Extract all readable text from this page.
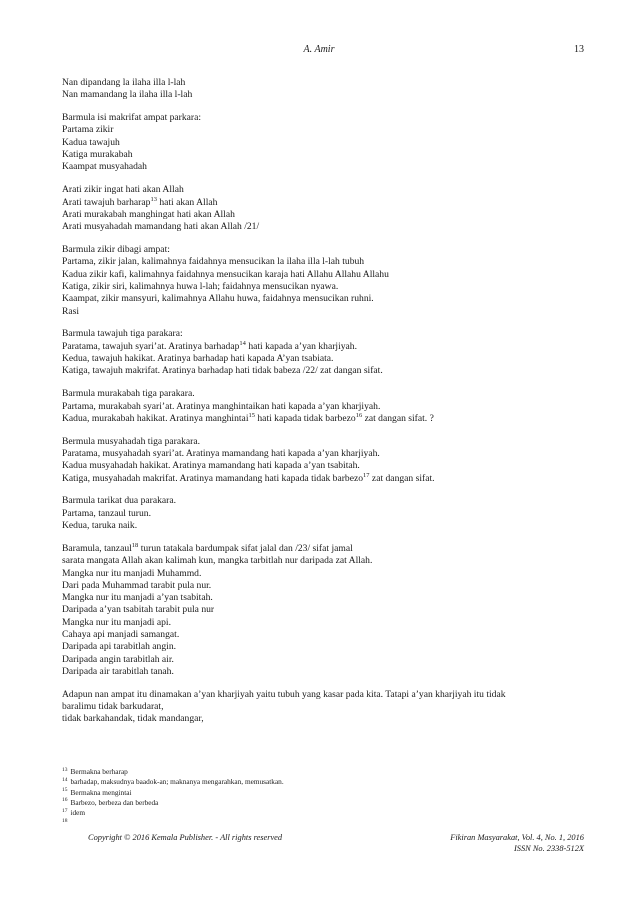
A. Amir	13
Nan dipandang la ilaha illa l-lah
Nan mamandang la ilaha illa l-lah
Barmula isi makrifat ampat parkara:
Partama zikir
Kadua tawajuh
Katiga murakabah
Kaampat musyahadah
Arati zikir ingat hati akan Allah
Arati tawajuh barharap$^{13}$ hati akan Allah
Arati murakabah manghingat hati akan Allah
Arati musyahadah mamandang hati akan Allah /21/
Barmula zikir dibagi ampat:
Partama, zikir jalan, kalimahnya faidahnya mensucikan la ilaha illa l-lah tubuh
Kadua zikir kafi, kalimahnya faidahnya mensucikan karaja hati Allahu Allahu Allahu
Katiga, zikir siri, kalimahnya huwa l-lah; faidahnya mensucikan nyawa.
Kaampat, zikir mansyuri, kalimahnya Allahu huwa, faidahnya mensucikan ruhni.
Rasi
Barmula tawajuh tiga parakara:
Paratama, tawajuh syari’at. Aratinya barhadap$^{14}$ hati kapada a’yan kharjiyah.
Kedua, tawajuh hakikat. Aratinya barhadap hati kapada A’yan tsabiata.
Katiga, tawajuh makrifat. Aratinya barhadap hati tidak babeza /22/ zat dangan sifat.
Barmula murakabah tiga parakara.
Partama, murakabah syari’at. Aratinya manghintaikan hati kapada a’yan kharjiyah.
Kadua, murakabah hakikat. Aratinya manghintai$^{15}$ hati kapada tidak barbezo$^{16}$ zat dangan sifat. ?
Bermula musyahadah tiga parakara.
Paratama, musyahadah syari’at. Aratinya mamandang hati kapada a’yan kharjiyah.
Kadua musyahadah hakikat. Aratinya mamandang hati kapada a’yan tsabitah.
Katiga, musyahadah makrifat. Aratinya mamandang hati kapada tidak barbezo$^{17}$ zat dangan sifat.
Barmula tarikat dua parakara.
Partama, tanzaul turun.
Kedua, taruka naik.
Baramula, tanzaul$^{18}$ turun tatakala bardumpak sifat jalal dan /23/ sifat jamal
sarata mangata Allah akan kalimah kun, mangka tarbitlah nur daripada zat Allah.
Mangka nur itu manjadi Muhammd.
Dari pada Muhammad tarabit pula nur.
Mangka nur itu manjadi a’yan tsabitah.
Daripada a’yan tsabitah tarabit pula nur
Mangka nur itu manjadi api.
Cahaya api manjadi samangat.
Daripada api tarabitlah angin.
Daripada angin tarabitlah air.
Daripada air tarabitlah tanah.
Adapun nan ampat itu dinamakan a’yan kharjiyah yaitu tubuh yang kasar pada kita. Tatapi a’yan kharjiyah itu tidak
baralimu tidak barkudarat,
tidak barkahandak, tidak mandangar,
$^{13}$ Bermakna berharap
$^{14}$ barhadap, maksudnya baadok-an; maknanya mengarahkan, memusatkan.
$^{15}$ Bermakna mengintai
$^{16}$ Barbezo, berbeza dan berbeda
$^{17}$ idem
$^{18}$
Copyright © 2016 Kemala Publisher. - All rights reserved	Fikiran Masyarakat, Vol. 4, No. 1, 2016
ISSN No. 2338-512X
